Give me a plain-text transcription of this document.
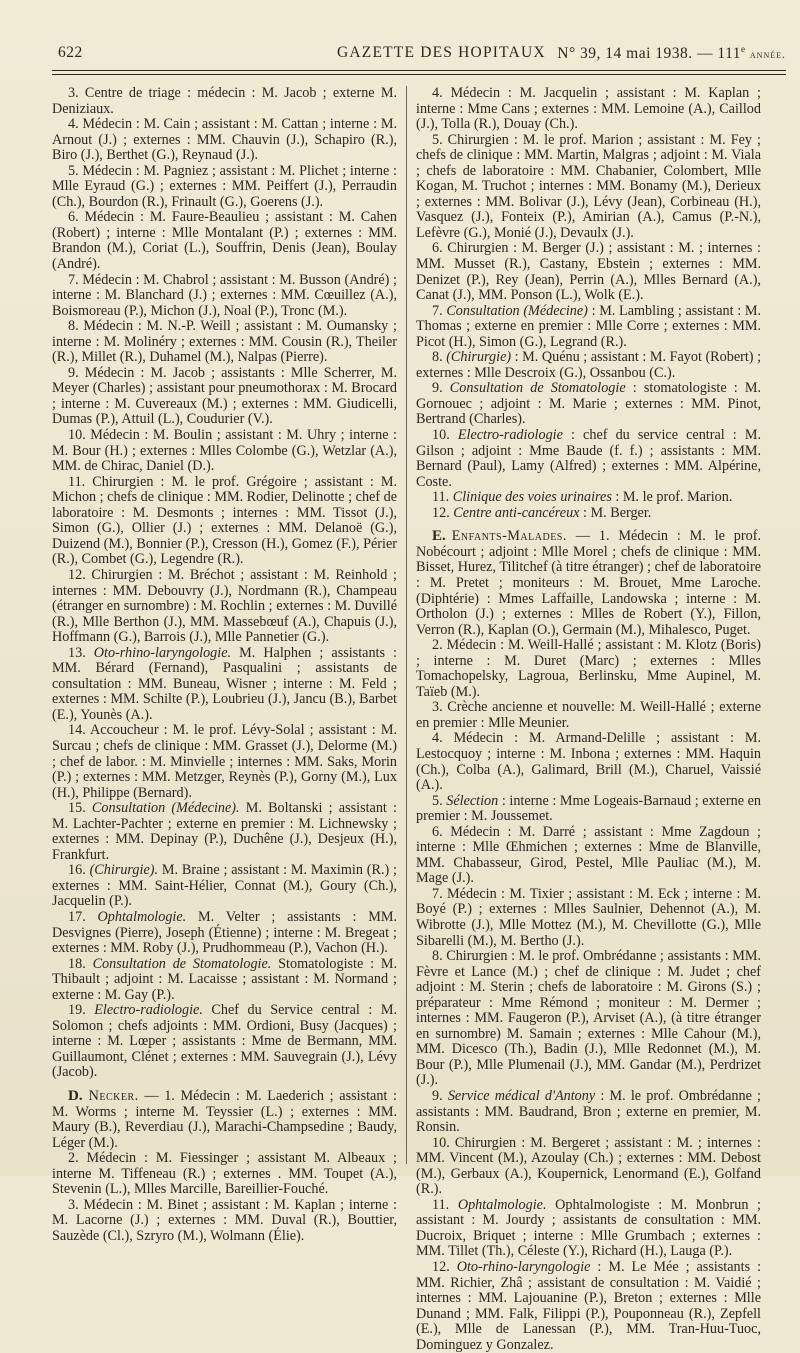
622	GAZETTE DES HOPITAUX N° 39, 14 mai 1938. — 111e année.

3. Centre de triage : médecin : M. Jacob ; externe M. Deniziaux.

4. Médecin : M. Cain ; assistant : M. Cattan ; interne : M. Arnout (J.) ; externes : MM. Chauvin (J.), Schapiro (R.), Biro (J.), Berthet (G.), Reynaud (J.).

5. Médecin : M. Pagniez ; assistant : M. Plichet ; interne : Mlle Eyraud (G.) ; externes : MM. Peiffert (J.), Perraudin (Ch.), Bourdon (R.), Frinault (G.), Goerens (J.).

6. Médecin : M. Faure-Beaulieu ; assistant : M. Cahen (Robert) ; interne : Mlle Montalant (P.) ; externes : MM. Brandon (M.), Coriat (L.), Souffrin, Denis (Jean), Boulay (André).

7. Médecin : M. Chabrol ; assistant : M. Busson (André) ; interne : M. Blanchard (J.) ; externes : MM. Cœuillez (A.), Boismoreau (P.), Michon (J.), Noal (P.), Tronc (M.).

8. Médecin : M. N.-P. Weill ; assistant : M. Oumansky ; interne : M. Molinéry ; externes : MM. Cousin (R.), Theiler (R.), Millet (R.), Duhamel (M.), Nalpas (Pierre).

9. Médecin : M. Jacob ; assistants : Mlle Scherrer, M. Meyer (Charles) ; assistant pour pneumothorax : M. Brocard ; interne : M. Cuvereaux (M.) ; externes : MM. Giudicelli, Dumas (P.), Attuil (L.), Coudurier (V.).

10. Médecin : M. Boulin ; assistant : M. Uhry ; interne : M. Bour (H.) ; externes : Mlles Colombe (G.), Wetzlar (A.), MM. de Chirac, Daniel (D.).

11. Chirurgien : M. le prof. Grégoire ; assistant : M. Michon ; chefs de clinique : MM. Rodier, Delinotte ; chef de laboratoire : M. Desmonts ; internes : MM. Tissot (J.), Simon (G.), Ollier (J.) ; externes : MM. Delanoë (G.), Duizend (M.), Bonnier (P.), Cresson (H.), Gomez (F.), Périer (R.), Combet (G.), Legendre (R.).

12. Chirurgien : M. Bréchot ; assistant : M. Reinhold ; internes : MM. Debouvry (J.), Nordmann (R.), Champeau (étranger en surnombre) : M. Rochlin ; externes : M. Duvillé (R.), Mlle Berthon (J.), MM. Massebœuf (A.), Chapuis (J.), Hoffmann (G.), Barrois (J.), Mlle Pannetier (G.).

13. Oto-rhino-laryngologie. M. Halphen ; assistants : MM. Bérard (Fernand), Pasqualini ; assistants de consultation : MM. Buneau, Wisner ; interne : M. Feld ; externes : MM. Schilte (P.), Loubrieu (J.), Jancu (B.), Barbet (E.), Younès (A.).

14. Accoucheur : M. le prof. Lévy-Solal ; assistant : M. Surcau ; chefs de clinique : MM. Grasset (J.), Delorme (M.) ; chef de labor. : M. Minvielle ; internes : MM. Saks, Morin (P.) ; externes : MM. Metzger, Reynès (P.), Gorny (M.), Lux (H.), Philippe (Bernard).

15. Consultation (Médecine). M. Boltanski ; assistant : M. Lachter-Pachter ; externe en premier : M. Lichnewsky ; externes : MM. Depinay (P.), Duchêne (J.), Desjeux (H.), Frankfurt.

16. (Chirurgie). M. Braine ; assistant : M. Maximin (R.) ; externes : MM. Saint-Hélier, Connat (M.), Goury (Ch.), Jacquelin (P.).

17. Ophtalmologie. M. Velter ; assistants : MM. Desvignes (Pierre), Joseph (Étienne) ; interne : M. Bregeat ; externes : MM. Roby (J.), Prudhommeau (P.), Vachon (H.).

18. Consultation de Stomatologie. Stomatologiste : M. Thibault ; adjoint : M. Lacaisse ; assistant : M. Normand ; externe : M. Gay (P.).

19. Electro-radiologie. Chef du Service central : M. Solomon ; chefs adjoints : MM. Ordioni, Busy (Jacques) ; interne : M. Lœper ; assistants : Mme de Bermann, MM. Guillaumont, Clénet ; externes : MM. Sauvegrain (J.), Lévy (Jacob).

D. Necker. — 1. Médecin : M. Laederich ; assistant : M. Worms ; interne M. Teyssier (L.) ; externes : MM. Maury (B.), Reverdiau (J.), Marachi-Champsedine ; Baudy, Léger (M.).

2. Médecin : M. Fiessinger ; assistant M. Albeaux ; interne M. Tiffeneau (R.) ; externes . MM. Toupet (A.), Stevenin (L.), Mlles Marcille, Bareillier-Fouché.

3. Médecin : M. Binet ; assistant : M. Kaplan ; interne : M. Lacorne (J.) ; externes : MM. Duval (R.), Bouttier, Sauzède (Cl.), Szryro (M.), Wolmann (Élie).

4. Médecin : M. Jacquelin ; assistant : M. Kaplan ; interne : Mme Cans ; externes : MM. Lemoine (A.), Caillod (J.), Tolla (R.), Douay (Ch.).

5. Chirurgien : M. le prof. Marion ; assistant : M. Fey ; chefs de clinique : MM. Martin, Malgras ; adjoint : M. Viala ; chefs de laboratoire : MM. Chabanier, Colombert, Mlle Kogan, M. Truchot ; internes : MM. Bonamy (M.), Derieux ; externes : MM. Bolivar (J.), Lévy (Jean), Corbineau (H.), Vasquez (J.), Fonteix (P.), Amirian (A.), Camus (P.-N.), Lefèvre (G.), Monié (J.), Devaulx (J.).

6. Chirurgien : M. Berger (J.) ; assistant : M. ; internes : MM. Musset (R.), Castany, Ebstein ; externes : MM. Denizet (P.), Rey (Jean), Perrin (A.), Mlles Bernard (A.), Canat (J.), MM. Ponson (L.), Wolk (E.).

7. Consultation (Médecine) : M. Lambling ; assistant : M. Thomas ; externe en premier : Mlle Corre ; externes : MM. Picot (H.), Simon (G.), Legrand (R.).

8. (Chirurgie) : M. Quénu ; assistant : M. Fayot (Robert) ; externes : Mlle Descroix (G.), Ossanbou (C.).

9. Consultation de Stomatologie : stomatologiste : M. Gornouec ; adjoint : M. Marie ; externes : MM. Pinot, Bertrand (Charles).

10. Electro-radiologie : chef du service central : M. Gilson ; adjoint : Mme Baude (f. f.) ; assistants : MM. Bernard (Paul), Lamy (Alfred) ; externes : MM. Alpérine, Coste.

11. Clinique des voies urinaires : M. le prof. Marion.

12. Centre anti-cancéreux : M. Berger.

E. Enfants-Malades. — 1. Médecin : M. le prof. Nobécourt ; adjoint : Mlle Morel ; chefs de clinique : MM. Bisset, Hurez, Tilitchef (à titre étranger) ; chef de laboratoire : M. Pretet ; moniteurs : M. Brouet, Mme Laroche. (Diphtérie) : Mmes Laffaille, Landowska ; interne : M. Ortholon (J.) ; externes : Mlles de Robert (Y.), Fillon, Verron (R.), Kaplan (O.), Germain (M.), Mihalesco, Puget.

2. Médecin : M. Weill-Hallé ; assistant : M. Klotz (Boris) ; interne : M. Duret (Marc) ; externes : Mlles Tomachopelsky, Lagroua, Berlinsku, Mme Aupinel, M. Taïeb (M.).

3. Crèche ancienne et nouvelle: M. Weill-Hallé ; externe en premier : Mlle Meunier.

4. Médecin : M. Armand-Delille ; assistant : M. Lestocquoy ; interne : M. Inbona ; externes : MM. Haquin (Ch.), Colba (A.), Galimard, Brill (M.), Charuel, Vaissié (A.).

5. Sélection : interne : Mme Logeais-Barnaud ; externe en premier : M. Joussemet.

6. Médecin : M. Darré ; assistant : Mme Zagdoun ; interne : Mlle Œhmichen ; externes : Mme de Blanville, MM. Chabasseur, Girod, Pestel, Mlle Pauliac (M.), M. Mage (J.).

7. Médecin : M. Tixier ; assistant : M. Eck ; interne : M. Boyé (P.) ; externes : Mlles Saulnier, Dehennot (A.), M. Wibrotte (J.), Mlle Mottez (M.), M. Chevillotte (G.), Mlle Sibarelli (M.), M. Bertho (J.).

8. Chirurgien : M. le prof. Ombrédanne ; assistants : MM. Fèvre et Lance (M.) ; chef de clinique : M. Judet ; chef adjoint : M. Sterin ; chefs de laboratoire : M. Girons (S.) ; préparateur : Mme Rémond ; moniteur : M. Dermer ; internes : MM. Faugeron (P.), Arviset (A.), (à titre étranger en surnombre) M. Samain ; externes : Mlle Cahour (M.), MM. Dicesco (Th.), Badin (J.), Mlle Redonnet (M.), M. Bour (P.), Mlle Plumenail (J.), MM. Gandar (M.), Perdrizet (J.).

9. Service médical d'Antony : M. le prof. Ombrédanne ; assistants : MM. Baudrand, Bron ; externe en premier, M. Ronsin.

10. Chirurgien : M. Bergeret ; assistant : M. ; internes : MM. Vincent (M.), Azoulay (Ch.) ; externes : MM. Debost (M.), Gerbaux (A.), Koupernick, Lenormand (E.), Golfand (R.).

11. Ophtalmologie. Ophtalmologiste : M. Monbrun ; assistant : M. Jourdy ; assistants de consultation : MM. Ducroix, Briquet ; interne : Mlle Grumbach ; externes : MM. Tillet (Th.), Céleste (Y.), Richard (H.), Lauga (P.).

12. Oto-rhino-laryngologie : M. Le Mée ; assistants : MM. Richier, Zhâ ; assistant de consultation : M. Vaidié ; internes : MM. Lajouanine (P.), Breton ; externes : Mlle Dunand ; MM. Falk, Filippi (P.), Pouponneau (R.), Zepfell (E.), Mlle de Lanessan (P.), MM. Tran-Huu-Tuoc, Dominguez y Gonzalez.
